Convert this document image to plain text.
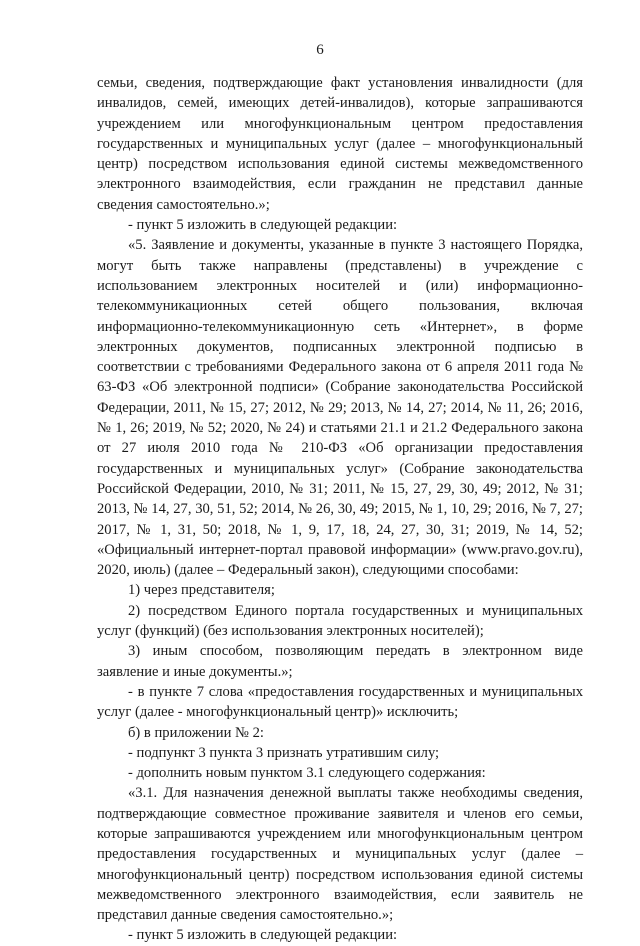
6

семьи, сведения, подтверждающие факт установления инвалидности (для инвалидов, семей, имеющих детей-инвалидов), которые запрашиваются учреждением или многофункциональным центром предоставления государственных и муниципальных услуг (далее – многофункциональный центр) посредством использования единой системы межведомственного электронного взаимодействия, если гражданин не представил данные сведения самостоятельно.»;

- пункт 5 изложить в следующей редакции:

«5. Заявление и документы, указанные в пункте 3 настоящего Порядка, могут быть также направлены (представлены) в учреждение с использованием электронных носителей и (или) информационно-телекоммуникационных сетей общего пользования, включая информационно-телекоммуникационную сеть «Интернет», в форме электронных документов, подписанных электронной подписью в соответствии с требованиями Федерального закона от 6 апреля 2011 года № 63-ФЗ «Об электронной подписи» (Собрание законодательства Российской Федерации, 2011, № 15, 27; 2012, № 29; 2013, № 14, 27; 2014, № 11, 26; 2016, № 1, 26; 2019, № 52; 2020, № 24) и статьями 21.1 и 21.2 Федерального закона от 27 июля 2010 года № 210-ФЗ «Об организации предоставления государственных и муниципальных услуг» (Собрание законодательства Российской Федерации, 2010, № 31; 2011, № 15, 27, 29, 30, 49; 2012, № 31; 2013, № 14, 27, 30, 51, 52; 2014, № 26, 30, 49; 2015, № 1, 10, 29; 2016, № 7, 27; 2017, № 1, 31, 50; 2018, № 1, 9, 17, 18, 24, 27, 30, 31; 2019, № 14, 52; «Официальный интернет-портал правовой информации» (www.pravo.gov.ru), 2020, июль) (далее – Федеральный закон), следующими способами:

1) через представителя;

2) посредством Единого портала государственных и муниципальных услуг (функций) (без использования электронных носителей);

3) иным способом, позволяющим передать в электронном виде заявление и иные документы.»;

- в пункте 7 слова «предоставления государственных и муниципальных услуг (далее - многофункциональный центр)» исключить;

б) в приложении № 2:

- подпункт 3 пункта 3 признать утратившим силу;

- дополнить новым пунктом 3.1 следующего содержания:

«3.1. Для назначения денежной выплаты также необходимы сведения, подтверждающие совместное проживание заявителя и членов его семьи, которые запрашиваются учреждением или многофункциональным центром предоставления государственных и муниципальных услуг (далее – многофункциональный центр) посредством использования единой системы межведомственного электронного взаимодействия, если заявитель не представил данные сведения самостоятельно.»;

- пункт 5 изложить в следующей редакции:
